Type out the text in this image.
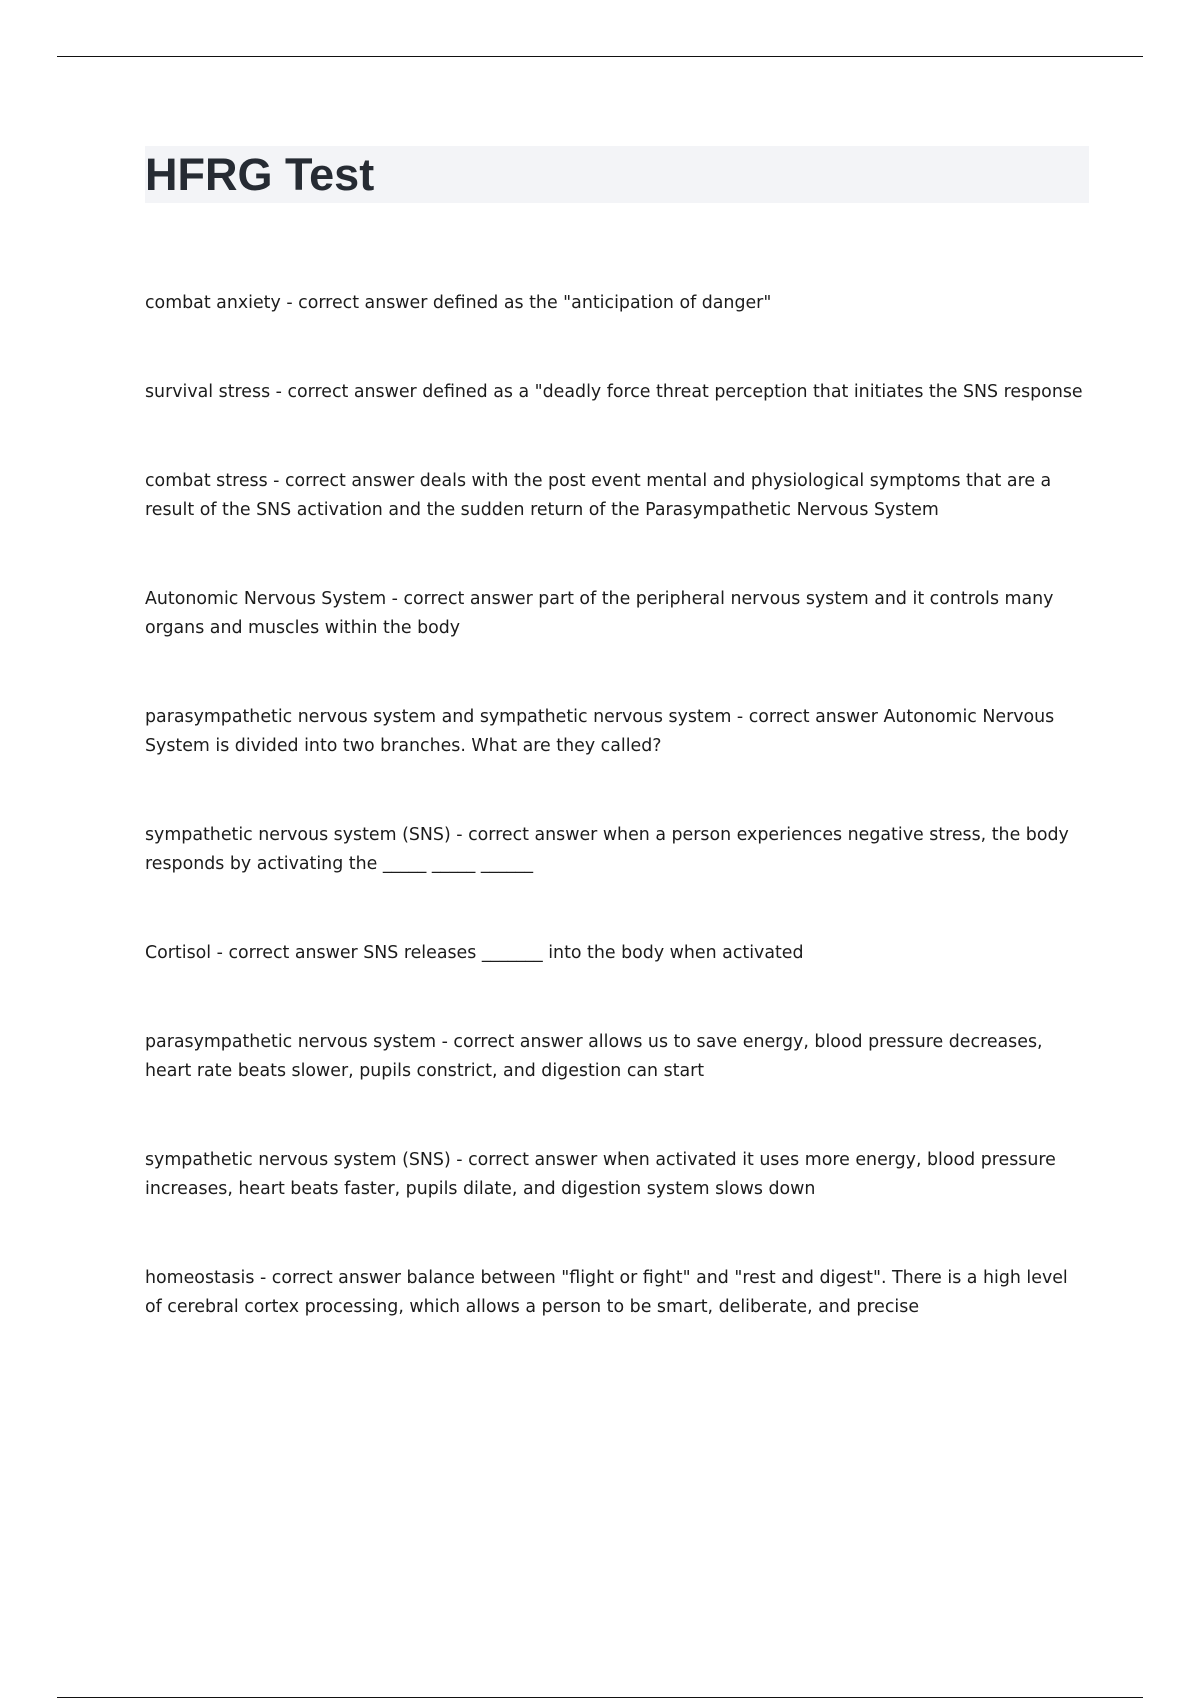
HFRG Test

combat anxiety - correct answer defined as the "anticipation of danger"

survival stress - correct answer defined as a "deadly force threat perception that initiates the SNS response

combat stress - correct answer deals with the post event mental and physiological symptoms that are a result of the SNS activation and the sudden return of the Parasympathetic Nervous System

Autonomic Nervous System - correct answer part of the peripheral nervous system and it controls many organs and muscles within the body

parasympathetic nervous system and sympathetic nervous system - correct answer Autonomic Nervous System is divided into two branches. What are they called?

sympathetic nervous system (SNS) - correct answer when a person experiences negative stress, the body responds by activating the _____ _____ ______

Cortisol - correct answer SNS releases _______ into the body when activated

parasympathetic nervous system - correct answer allows us to save energy, blood pressure decreases, heart rate beats slower, pupils constrict, and digestion can start

sympathetic nervous system (SNS) - correct answer when activated it uses more energy, blood pressure increases, heart beats faster, pupils dilate, and digestion system slows down

homeostasis - correct answer balance between "flight or fight" and "rest and digest". There is a high level of cerebral cortex processing, which allows a person to be smart, deliberate, and precise
